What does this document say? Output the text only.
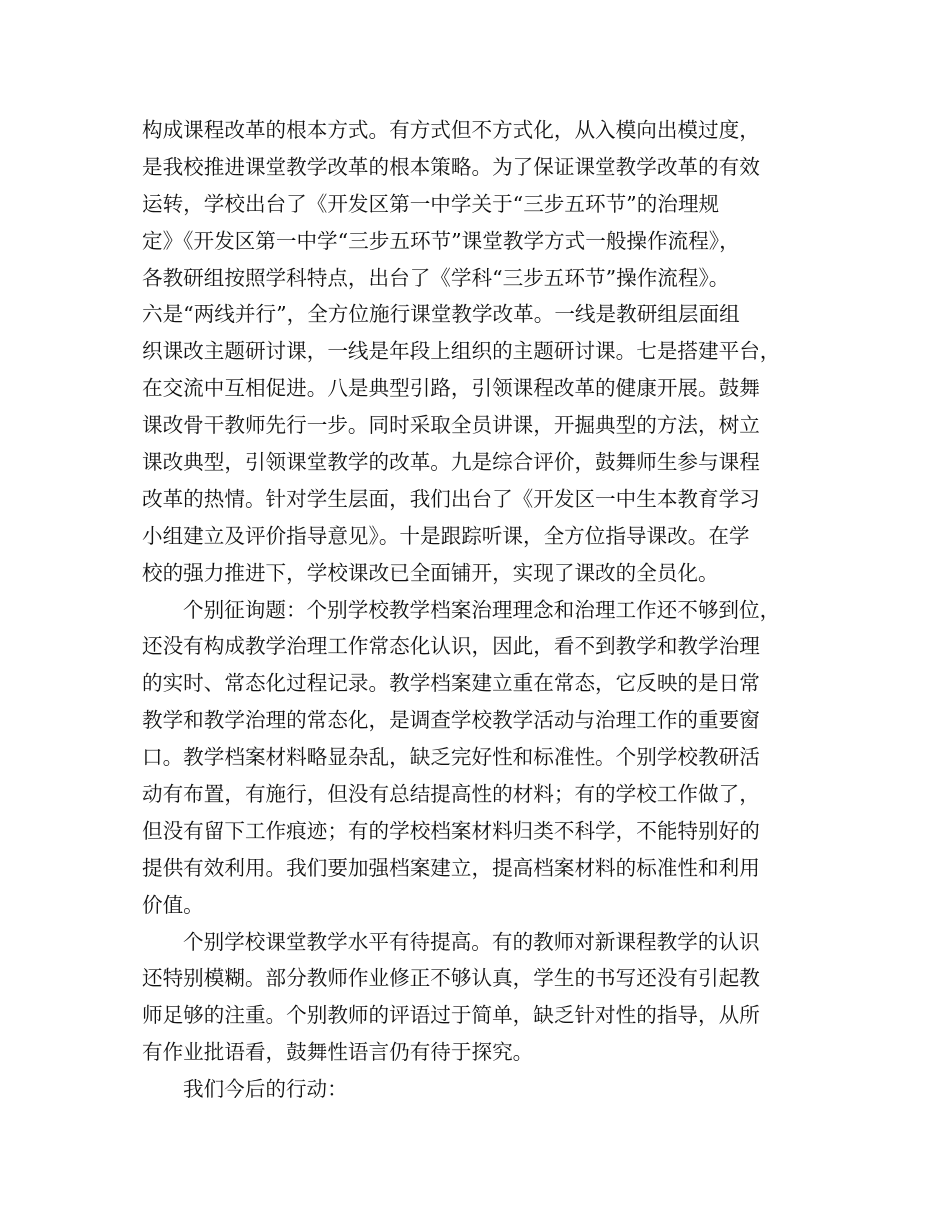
构成课程改革的根本方式。有方式但不方式化，从入模向出模过度，
是我校推进课堂教学改革的根本策略。为了保证课堂教学改革的有效
运转，学校出台了《开发区第一中学关于“三步五环节”的治理规
定》《开发区第一中学“三步五环节”课堂教学方式一般操作流程》，
各教研组按照学科特点，出台了《学科“三步五环节”操作流程》。
六是“两线并行”，全方位施行课堂教学改革。一线是教研组层面组
织课改主题研讨课，一线是年段上组织的主题研讨课。七是搭建平台，
在交流中互相促进。八是典型引路，引领课程改革的健康开展。鼓舞
课改骨干教师先行一步。同时采取全员讲课，开掘典型的方法，树立
课改典型，引领课堂教学的改革。九是综合评价，鼓舞师生参与课程
改革的热情。针对学生层面，我们出台了《开发区一中生本教育学习
小组建立及评价指导意见》。十是跟踪听课，全方位指导课改。在学
校的强力推进下，学校课改已全面铺开，实现了课改的全员化。
个别征询题：个别学校教学档案治理理念和治理工作还不够到位，
还没有构成教学治理工作常态化认识，因此，看不到教学和教学治理
的实时、常态化过程记录。教学档案建立重在常态，它反映的是日常
教学和教学治理的常态化，是调查学校教学活动与治理工作的重要窗
口。教学档案材料略显杂乱，缺乏完好性和标准性。个别学校教研活
动有布置，有施行，但没有总结提高性的材料；有的学校工作做了，
但没有留下工作痕迹；有的学校档案材料归类不科学，不能特别好的
提供有效利用。我们要加强档案建立，提高档案材料的标准性和利用
价值。
个别学校课堂教学水平有待提高。有的教师对新课程教学的认识
还特别模糊。部分教师作业修正不够认真，学生的书写还没有引起教
师足够的注重。个别教师的评语过于简单，缺乏针对性的指导，从所
有作业批语看，鼓舞性语言仍有待于探究。
我们今后的行动：
